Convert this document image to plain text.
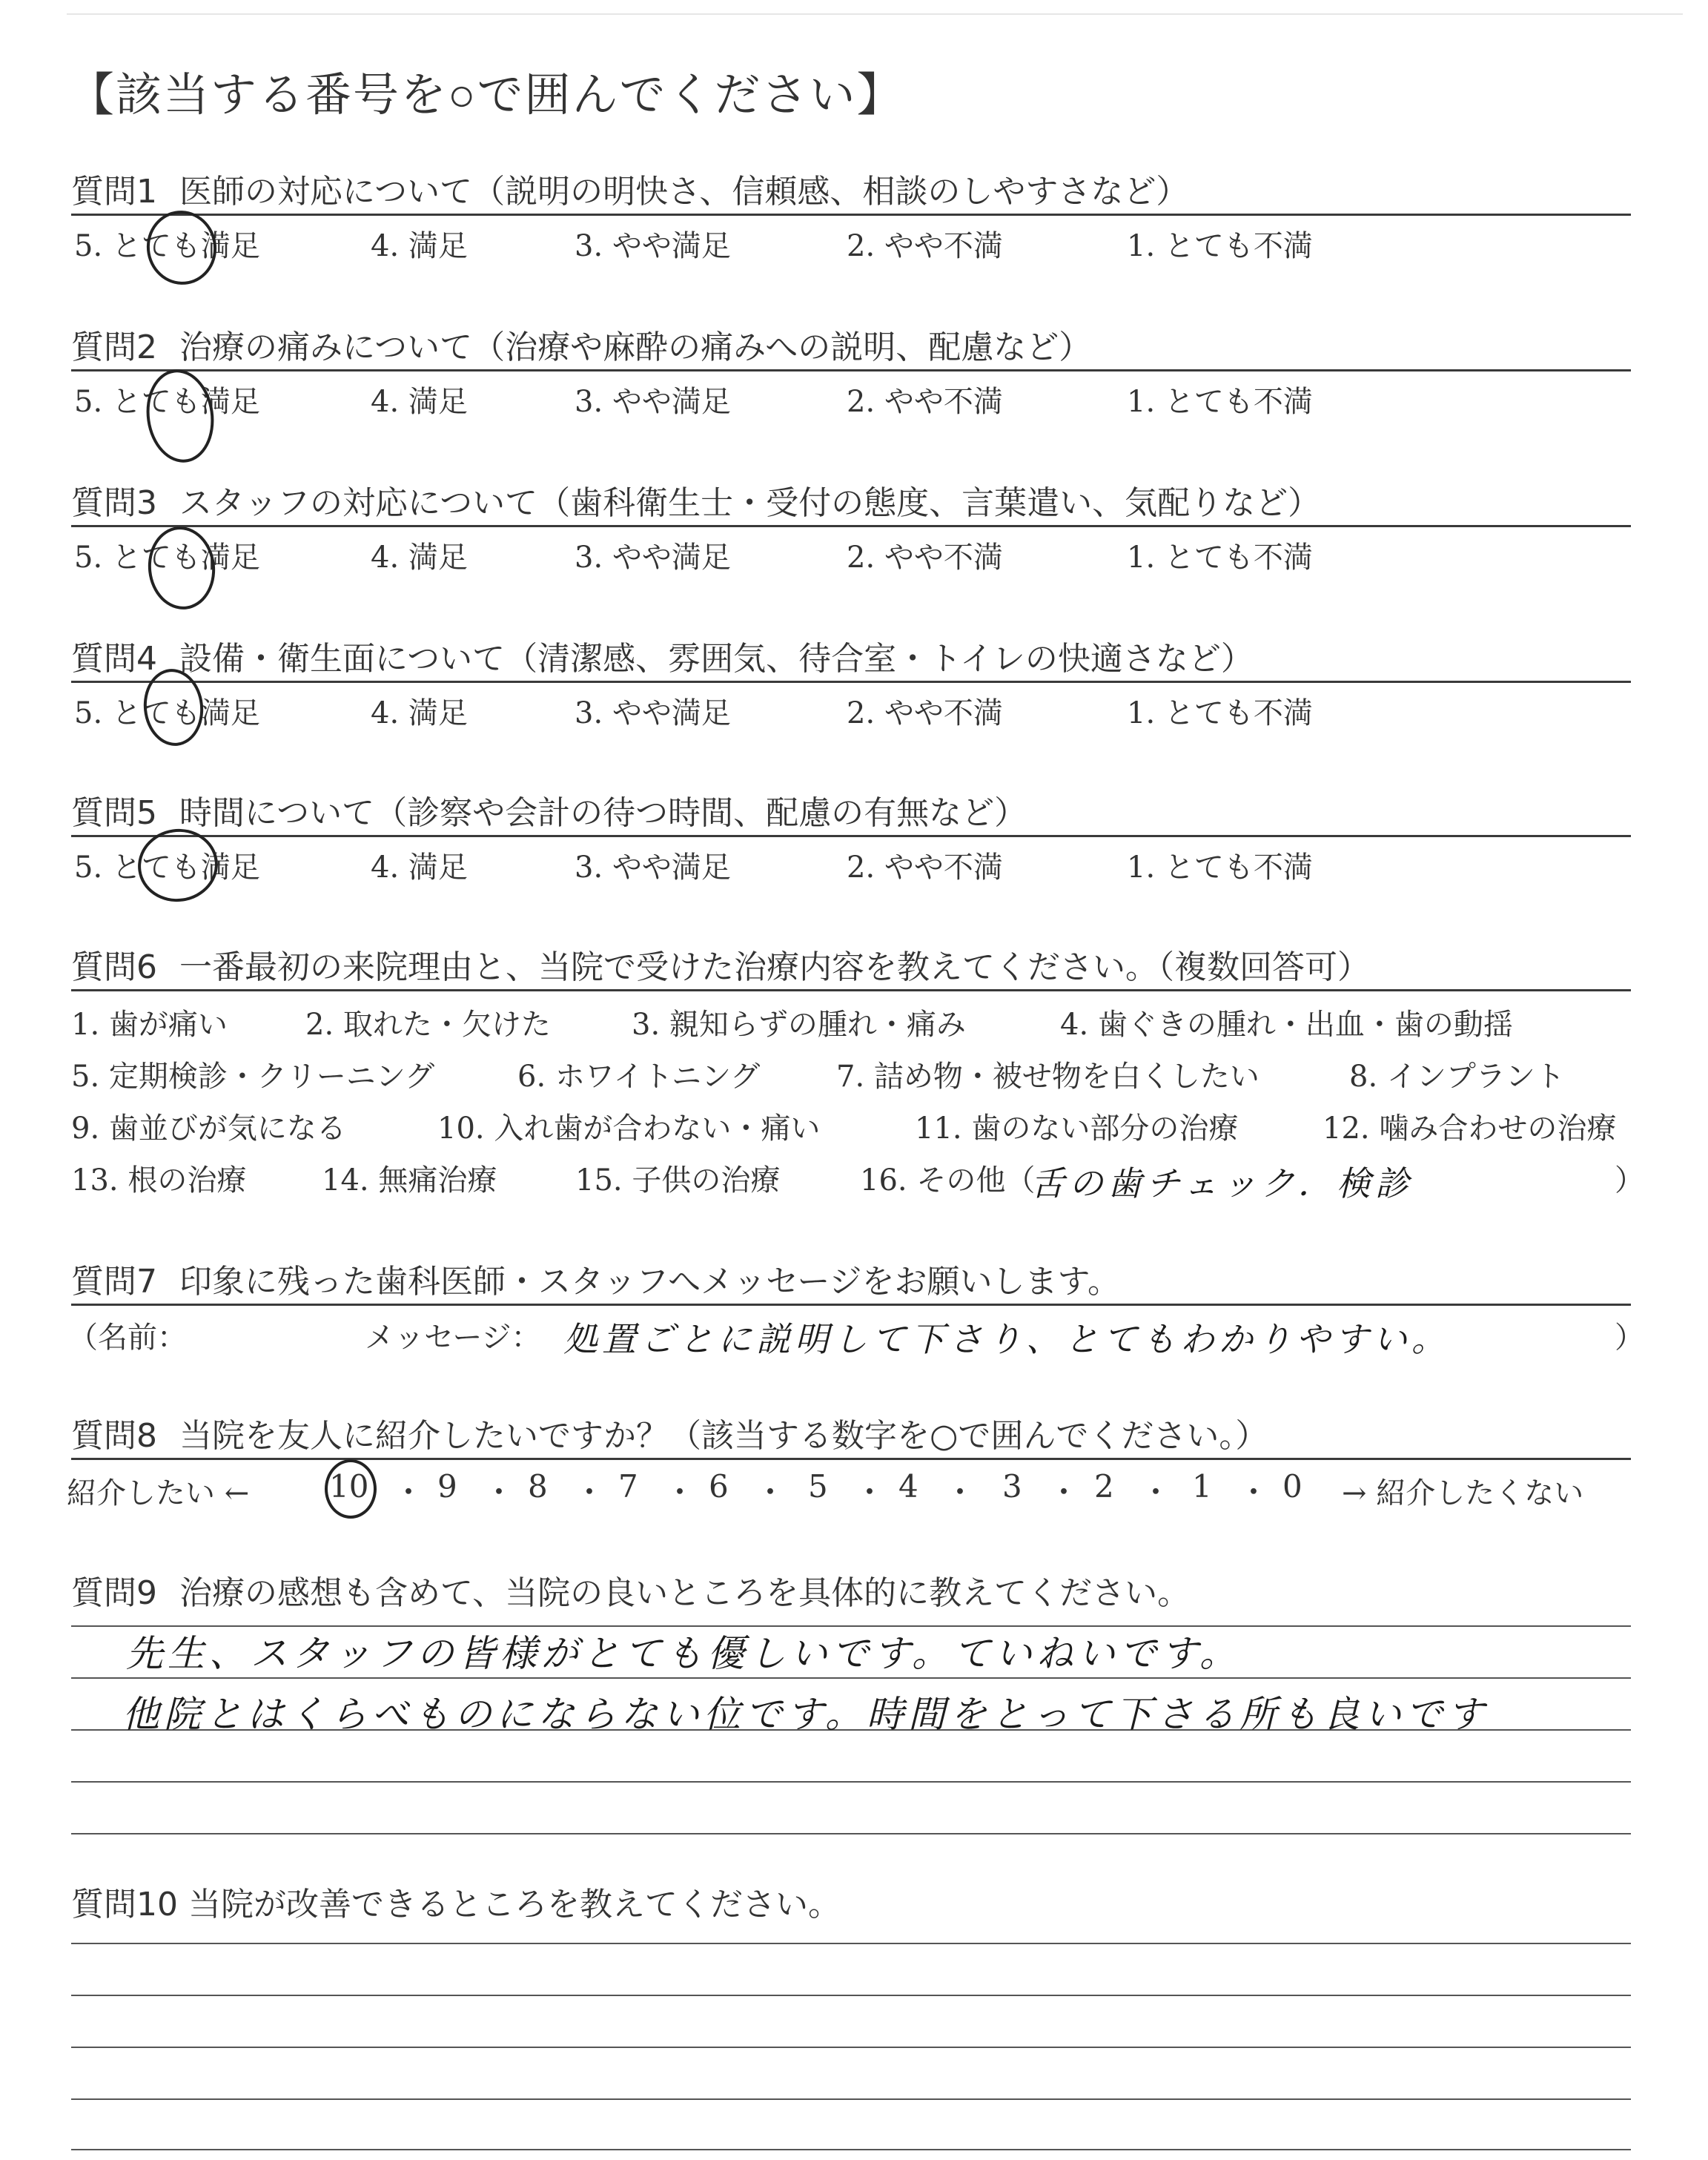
【該当する番号を○で囲んでください】
質問1 医師の対応について（説明の明快さ、信頼感、相談のしやすさなど）
5. とても満足	4. 満足	3. やや満足	2. やや不満	1. とても不満
質問2 治療の痛みについて（治療や麻酔の痛みへの説明、配慮など）
5. とても満足	4. 満足	3. やや満足	2. やや不満	1. とても不満
質問3 スタッフの対応について（歯科衛生士・受付の態度、言葉遣い、気配りなど）
5. とても満足	4. 満足	3. やや満足	2. やや不満	1. とても不満
質問4 設備・衛生面について（清潔感、雰囲気、待合室・トイレの快適さなど）
5. とても満足	4. 満足	3. やや満足	2. やや不満	1. とても不満
質問5 時間について（診察や会計の待つ時間、配慮の有無など）
5. とても満足	4. 満足	3. やや満足	2. やや不満	1. とても不満
質問6 一番最初の来院理由と、当院で受けた治療内容を教えてください。（複数回答可）
1. 歯が痛い	2. 取れた・欠けた	3. 親知らずの腫れ・痛み	4. 歯ぐきの腫れ・出血・歯の動揺
5. 定期検診・クリーニング	6. ホワイトニング	7. 詰め物・被せ物を白くしたい	8. インプラント
9. 歯並びが気になる	10. 入れ歯が合わない・痛い	11. 歯のない部分の治療	12. 噛み合わせの治療
13. 根の治療	14. 無痛治療	15. 子供の治療	16. その他（
舌の歯チェック．検診	）
質問7 印象に残った歯科医師・スタッフへメッセージをお願いします。
（名前：	メッセージ： 処置ごとに説明して下さり、とてもわかりやすい。	）
質問8 当院を友人に紹介したいですか？（該当する数字を○で囲んでください。）
紹介したい ←	10 ・ 9 ・ 8 ・ 7 ・ 6 ・ 5 ・ 4 ・ 3 ・ 2 ・ 1 ・ 0 → 紹介したくない
質問9 治療の感想も含めて、当院の良いところを具体的に教えてください。
先生、スタッフの皆様がとても優しいです。ていねいです。
他院とはくらべものにならない位です。時間をとって下さる所も良いです
質問10 当院が改善できるところを教えてください。
